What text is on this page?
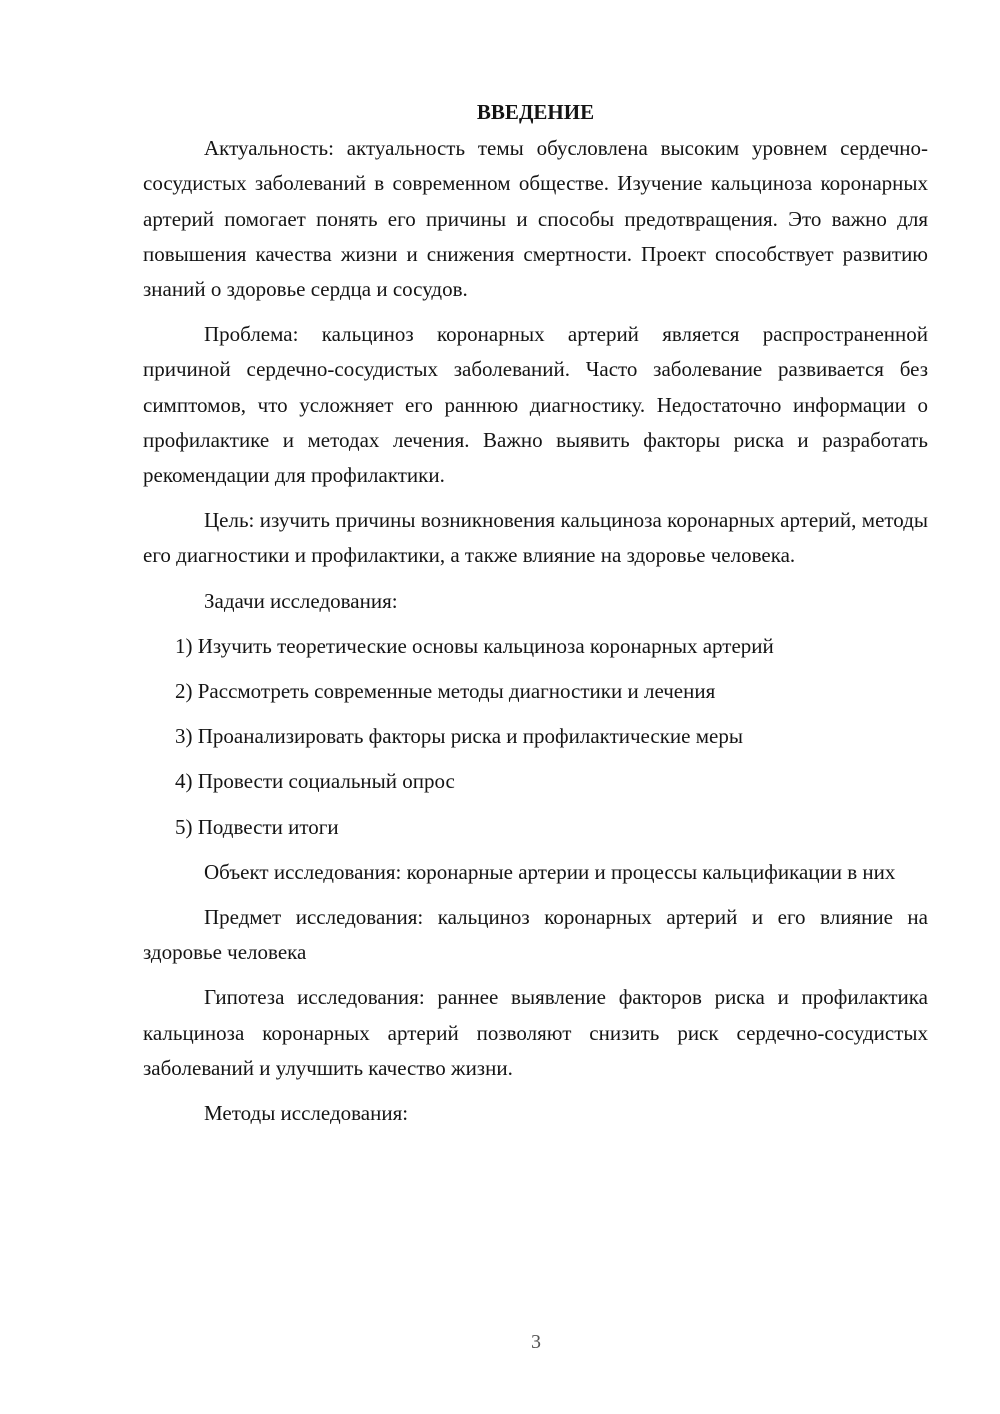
ВВЕДЕНИЕ

Актуальность: актуальность темы обусловлена высоким уровнем сердечно-сосудистых заболеваний в современном обществе. Изучение кальциноза коронарных артерий помогает понять его причины и способы предотвращения. Это важно для повышения качества жизни и снижения смертности. Проект способствует развитию знаний о здоровье сердца и сосудов.

Проблема: кальциноз коронарных артерий является распространенной причиной сердечно-сосудистых заболеваний. Часто заболевание развивается без симптомов, что усложняет его раннюю диагностику. Недостаточно информации о профилактике и методах лечения. Важно выявить факторы риска и разработать рекомендации для профилактики.

Цель: изучить причины возникновения кальциноза коронарных артерий, методы его диагностики и профилактики, а также влияние на здоровье человека.

Задачи исследования:

1) Изучить теоретические основы кальциноза коронарных артерий
2) Рассмотреть современные методы диагностики и лечения
3) Проанализировать факторы риска и профилактические меры
4) Провести социальный опрос
5) Подвести итоги

Объект исследования: коронарные артерии и процессы кальцификации в них

Предмет исследования: кальциноз коронарных артерий и его влияние на здоровье человека

Гипотеза исследования: раннее выявление факторов риска и профилактика кальциноза коронарных артерий позволяют снизить риск сердечно-сосудистых заболеваний и улучшить качество жизни.

Методы исследования:

3
